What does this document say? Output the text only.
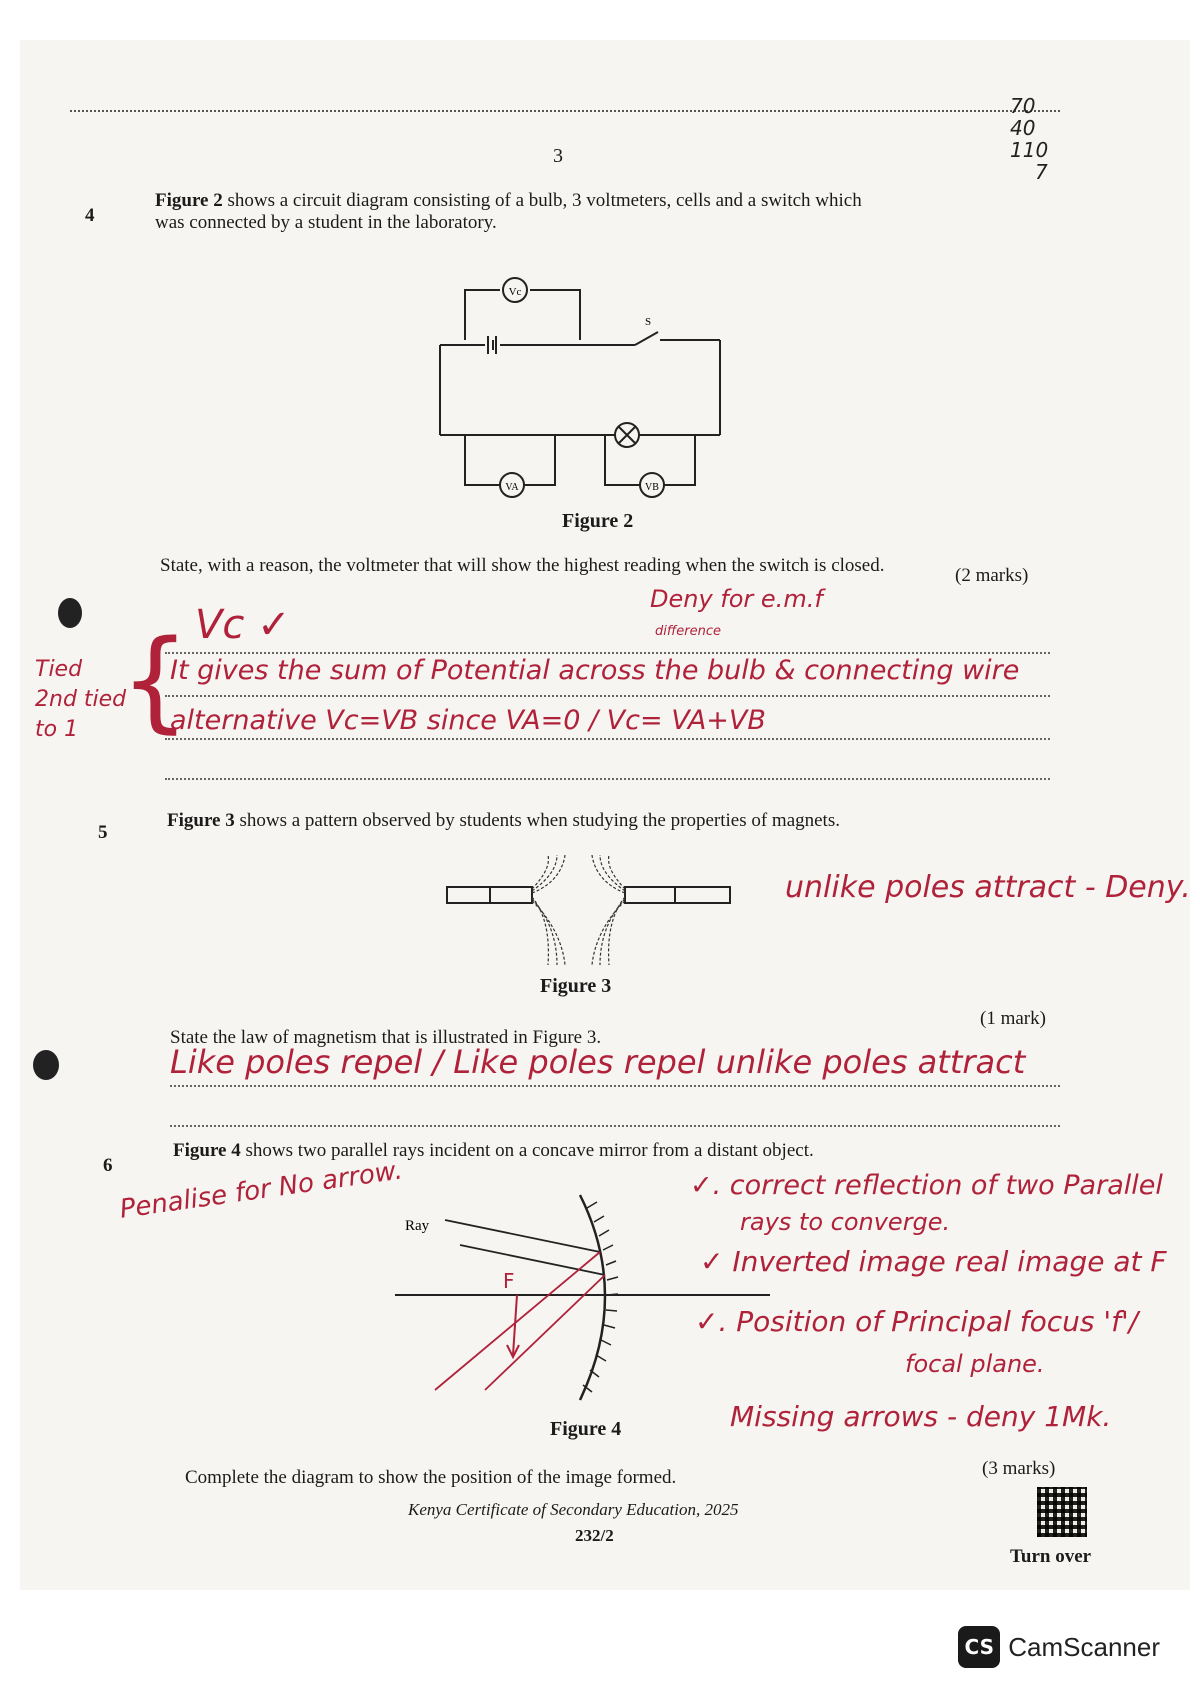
70
40
110
7
3
4
Figure 2 shows a circuit diagram consisting of a bulb, 3 voltmeters, cells and a switch which
was connected by a student in the laboratory.
Vc
VA	VB
S
Figure 2
State, with a reason, the voltmeter that will show the highest reading when the switch is closed.	(2 marks)
Deny for e.m.f
Vc ✓	difference
It gives the sum of Potential across the bulb & connecting wire
alternative Vc=VB since VA=0 / Vc= VA+VB
Tied 2nd tied to 1 {
5
Figure 3 shows a pattern observed by students when studying the properties of magnets.
unlike poles attract - Deny.
Figure 3
State the law of magnetism that is illustrated in Figure 3.
(1 mark)
Like poles repel / Like poles repel unlike poles attract
6
Figure 4 shows two parallel rays incident on a concave mirror from a distant object.
Ray
F
Penalise for No arrow.	✓. correct reflection of two Parallel
rays to converge.
✓ Inverted image real image at F
✓. Position of Principal focus 'f'/
focal plane.
Missing arrows - deny 1Mk.
Figure 4
Complete the diagram to show the position of the image formed.	(3 marks)
Kenya Certificate of Secondary Education, 2025
232/2
Turn over
CS CamScanner
